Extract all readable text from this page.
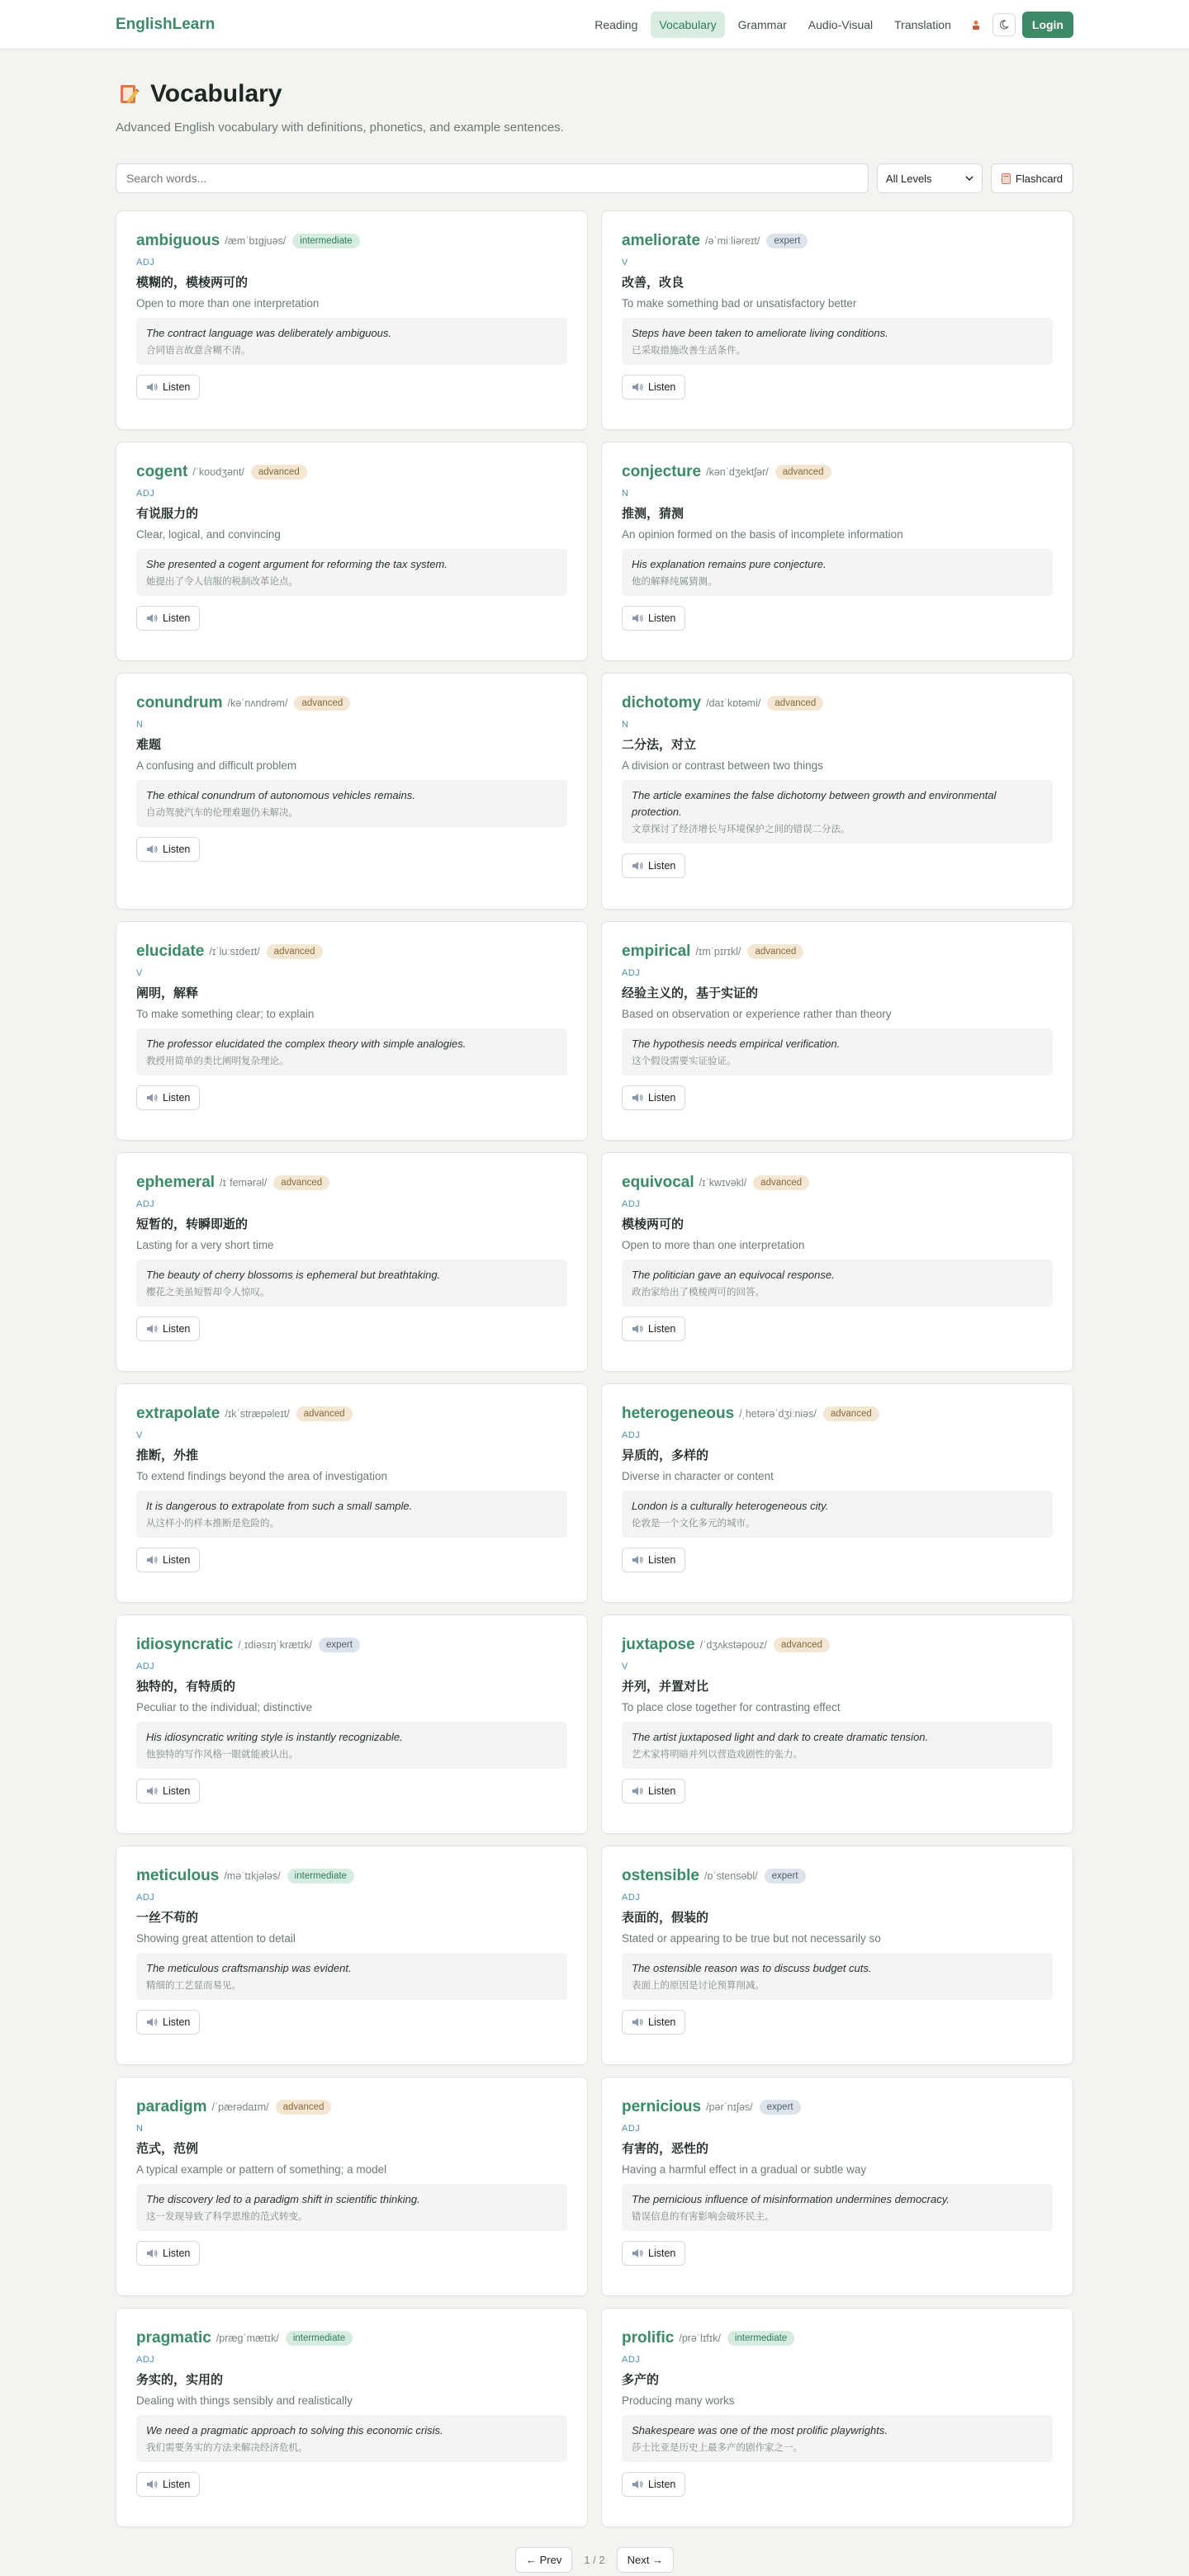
EnglishLearn	Reading	Vocabulary	Grammar	Audio-Visual	Translation	Login
Vocabulary

Advanced English vocabulary with definitions, phonetics, and example sentences.

Search words...
All Levels	Flashcard
ambiguous /æmˈbɪɡjuəs/	intermediate
ADJ
模糊的，模棱两可的
Open to more than one interpretation
The contract language was deliberately ambiguous.
合同语言故意含糊不清。
Listen
ameliorate /əˈmiːliəreɪt/	expert
V
改善，改良
To make something bad or unsatisfactory better
Steps have been taken to ameliorate living conditions.
已采取措施改善生活条件。
Listen
cogent /ˈkoʊdʒənt/	advanced
ADJ
有说服力的
Clear, logical, and convincing
She presented a cogent argument for reforming the tax system.
她提出了令人信服的税制改革论点。
Listen
conjecture /kənˈdʒektʃər/	advanced
N
推测，猜测
An opinion formed on the basis of incomplete information
His explanation remains pure conjecture.
他的解释纯属猜测。
Listen
conundrum /kəˈnʌndrəm/	advanced
N
难题
A confusing and difficult problem
The ethical conundrum of autonomous vehicles remains.
自动驾驶汽车的伦理难题仍未解决。
Listen
dichotomy /daɪˈkɒtəmi/	advanced
N
二分法，对立
A division or contrast between two things
The article examines the false dichotomy between growth and environmental protection.
文章探讨了经济增长与环境保护之间的错误二分法。
Listen
elucidate /ɪˈluːsɪdeɪt/	advanced
V
阐明，解释
To make something clear; to explain
The professor elucidated the complex theory with simple analogies.
教授用简单的类比阐明复杂理论。
Listen
empirical /ɪmˈpɪrɪkl/	advanced
ADJ
经验主义的，基于实证的
Based on observation or experience rather than theory
The hypothesis needs empirical verification.
这个假设需要实证验证。
Listen
ephemeral /ɪˈfemərəl/	advanced
ADJ
短暂的，转瞬即逝的
Lasting for a very short time
The beauty of cherry blossoms is ephemeral but breathtaking.
樱花之美虽短暂却令人惊叹。
Listen
equivocal /ɪˈkwɪvəkl/	advanced
ADJ
模棱两可的
Open to more than one interpretation
The politician gave an equivocal response.
政治家给出了模棱两可的回答。
Listen
extrapolate /ɪkˈstræpəleɪt/	advanced
V
推断，外推
To extend findings beyond the area of investigation
It is dangerous to extrapolate from such a small sample.
从这样小的样本推断是危险的。
Listen
heterogeneous /ˌhetərəˈdʒiːniəs/	advanced
ADJ
异质的，多样的
Diverse in character or content
London is a culturally heterogeneous city.
伦敦是一个文化多元的城市。
Listen
idiosyncratic /ˌɪdiəsɪŋˈkrætɪk/	expert
ADJ
独特的，有特质的
Peculiar to the individual; distinctive
His idiosyncratic writing style is instantly recognizable.
他独特的写作风格一眼就能被认出。
Listen
juxtapose /ˈdʒʌkstəpoʊz/	advanced
V
并列，并置对比
To place close together for contrasting effect
The artist juxtaposed light and dark to create dramatic tension.
艺术家将明暗并列以营造戏剧性的张力。
Listen
meticulous /məˈtɪkjələs/	intermediate
ADJ
一丝不苟的
Showing great attention to detail
The meticulous craftsmanship was evident.
精细的工艺显而易见。
Listen
ostensible /ɒˈstensəbl/	expert
ADJ
表面的，假装的
Stated or appearing to be true but not necessarily so
The ostensible reason was to discuss budget cuts.
表面上的原因是讨论预算削减。
Listen
paradigm /ˈpærədaɪm/	advanced
N
范式，范例
A typical example or pattern of something; a model
The discovery led to a paradigm shift in scientific thinking.
这一发现导致了科学思维的范式转变。
Listen
pernicious /pərˈnɪʃəs/	expert
ADJ
有害的，恶性的
Having a harmful effect in a gradual or subtle way
The pernicious influence of misinformation undermines democracy.
错误信息的有害影响会破坏民主。
Listen
pragmatic /prægˈmætɪk/	intermediate
ADJ
务实的，实用的
Dealing with things sensibly and realistically
We need a pragmatic approach to solving this economic crisis.
我们需要务实的方法来解决经济危机。
Listen
prolific /prəˈlɪfɪk/	intermediate
ADJ
多产的
Producing many works
Shakespeare was one of the most prolific playwrights.
莎士比亚是历史上最多产的剧作家之一。
Listen
← Prev	1 / 2	Next →
